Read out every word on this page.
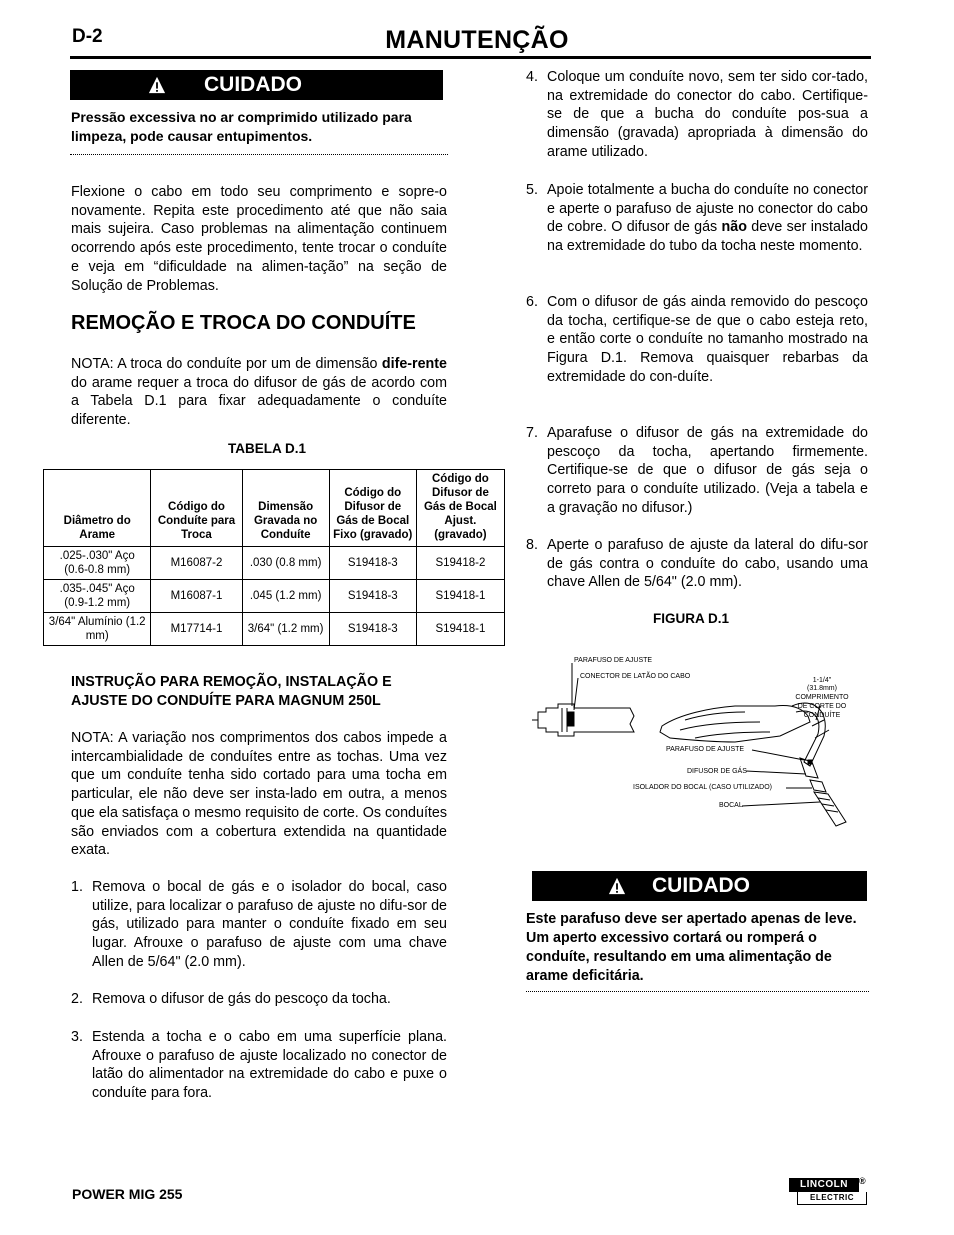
D-2	MANUTENÇÃO
CUIDADO
Pressão excessiva no ar comprimido utilizado para limpeza, pode causar entupimentos.
Flexione o cabo em todo seu comprimento e sopre-o novamente. Repita este procedimento até que não saia mais sujeira. Caso problemas na alimentação continuem ocorrendo após este procedimento, tente trocar o conduíte e veja em “dificuldade na alimen-tação” na seção de Solução de Problemas.
REMOÇÃO E TROCA DO CONDUÍTE
NOTA: A troca do conduíte por um de dimensão dife-rente do arame requer a troca do difusor de gás de acordo com a Tabela D.1 para fixar adequadamente o conduíte diferente.
TABELA D.1
Diâmetro do Arame	Código do Conduíte para Troca	Dimensão Gravada no Conduíte	Código do Difusor de Gás de Bocal Fixo (gravado)	Código do Difusor de Gás de Bocal Ajust. (gravado)
.025-.030" Aço (0.6-0.8 mm)	M16087-2	.030 (0.8 mm)	S19418-3	S19418-2
.035-.045" Aço (0.9-1.2 mm)	M16087-1	.045 (1.2 mm)	S19418-3	S19418-1
3/64" Alumínio (1.2 mm)	M17714-1	3/64" (1.2 mm)	S19418-3	S19418-1
INSTRUÇÃO PARA REMOÇÃO, INSTALAÇÃO E AJUSTE DO CONDUÍTE PARA MAGNUM 250L
NOTA: A variação nos comprimentos dos cabos impede a intercambialidade de conduítes entre as tochas. Uma vez que um conduíte tenha sido cortado para uma tocha em particular, ele não deve ser insta-lado em outra, a menos que ela satisfaça o mesmo requisito de corte. Os conduítes são enviados com a cobertura extendida na quantidade exata.
1. Remova o bocal de gás e o isolador do bocal, caso utilize, para localizar o parafuso de ajuste no difu-sor de gás, utilizado para manter o conduíte fixado em seu lugar. Afrouxe o parafuso de ajuste com uma chave Allen de 5/64" (2.0 mm).
2. Remova o difusor de gás do pescoço da tocha.
3. Estenda a tocha e o cabo em uma superfície plana. Afrouxe o parafuso de ajuste localizado no conector de latão do alimentador na extremidade do cabo e puxe o conduíte para fora.
4. Coloque um conduíte novo, sem ter sido cor-tado, na extremidade do conector do cabo. Certifique-se de que a bucha do conduíte pos-sua a dimensão (gravada) apropriada à dimensão do arame utilizado.
5. Apoie totalmente a bucha do conduíte no conector e aperte o parafuso de ajuste no conector do cabo de cobre. O difusor de gás não deve ser instalado na extremidade do tubo da tocha neste momento.
6. Com o difusor de gás ainda removido do pescoço da tocha, certifique-se de que o cabo esteja reto, e então corte o conduíte no tamanho mostrado na Figura D.1. Remova quaisquer rebarbas da extremidade do con-duíte.
7. Aparafuse o difusor de gás na extremidade do pescoço da tocha, apertando firmemente. Certifique-se de que o difusor de gás seja o correto para o conduíte utilizado. (Veja a tabela e a gravação no difusor.)
8. Aperte o parafuso de ajuste da lateral do difu-sor de gás contra o conduíte do cabo, usando uma chave Allen de 5/64" (2.0 mm).
FIGURA D.1
PARAFUSO DE AJUSTE
CONECTOR DE LATÃO DO CABO
1-1/4"
(31.8mm)
COMPRIMENTO
DE CORTE DO
CONDUÍTE
PARAFUSO DE AJUSTE
DIFUSOR DE GÁS
ISOLADOR DO BOCAL (CASO UTILIZADO)
BOCAL
CUIDADO
Este parafuso deve ser apertado apenas de leve. Um aperto excessivo cortará ou romperá o conduíte, resultando em uma alimentação de arame deficitária.
POWER MIG 255
LINCOLN	®
ELECTRIC
